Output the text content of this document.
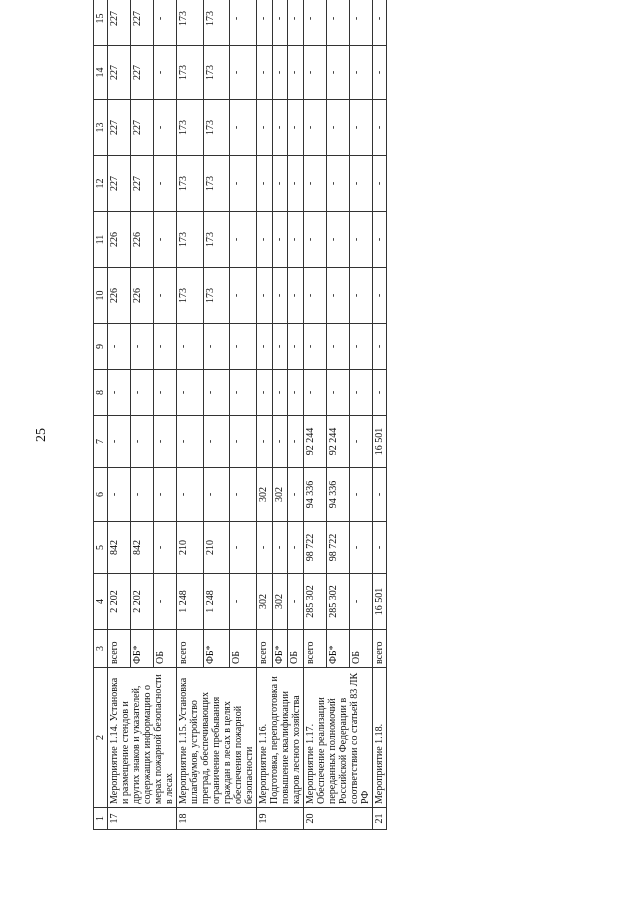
25
1	2	3	4	5	6	7	8	9	10	11	12	13	14	15
17	Мероприятие 1.14. Установка и размещение стендов и других знаков и указателей, содержащих информацию о мерах пожарной безопасности в лесах	всего	2 202	842	-	-	-	-	226	226	227	227	227	227
		ФБ*	2 202	842	-	-	-	-	226	226	227	227	227	227
		ОБ	-	-	-	-	-	-	-	-	-	-	-	-
18	Мероприятие 1.15. Установка шлагбаумов, устройство преград, обеспечивающих ограничение пребывания граждан в лесах в целях обеспечения пожарной безопасности	всего	1 248	210	-	-	-	-	173	173	173	173	173	173
		ФБ*	1 248	210	-	-	-	-	173	173	173	173	173	173
		ОБ	-	-	-	-	-	-	-	-	-	-	-	-
19	Мероприятие 1.16. Подготовка, переподготовка и повышение квалификации кадров лесного хозяйства	всего	302	-	302	-	-	-	-	-	-	-	-	-
		ФБ*	302	-	302	-	-	-	-	-	-	-	-	-
		ОБ	-	-	-	-	-	-	-	-	-	-	-	-
20	Мероприятие 1.17. Обеспечение реализации переданных полномочий Российской Федерации в соответствии со статьей 83 ЛК РФ	всего	285 302	98 722	94 336	92 244	-	-	-	-	-	-	-	-
		ФБ*	285 302	98 722	94 336	92 244	-	-	-	-	-	-	-	-
		ОБ	-	-	-	-	-	-	-	-	-	-	-	-
21	Мероприятие 1.18.	всего	16 501	-	-	16 501	-	-	-	-	-	-	-	-
